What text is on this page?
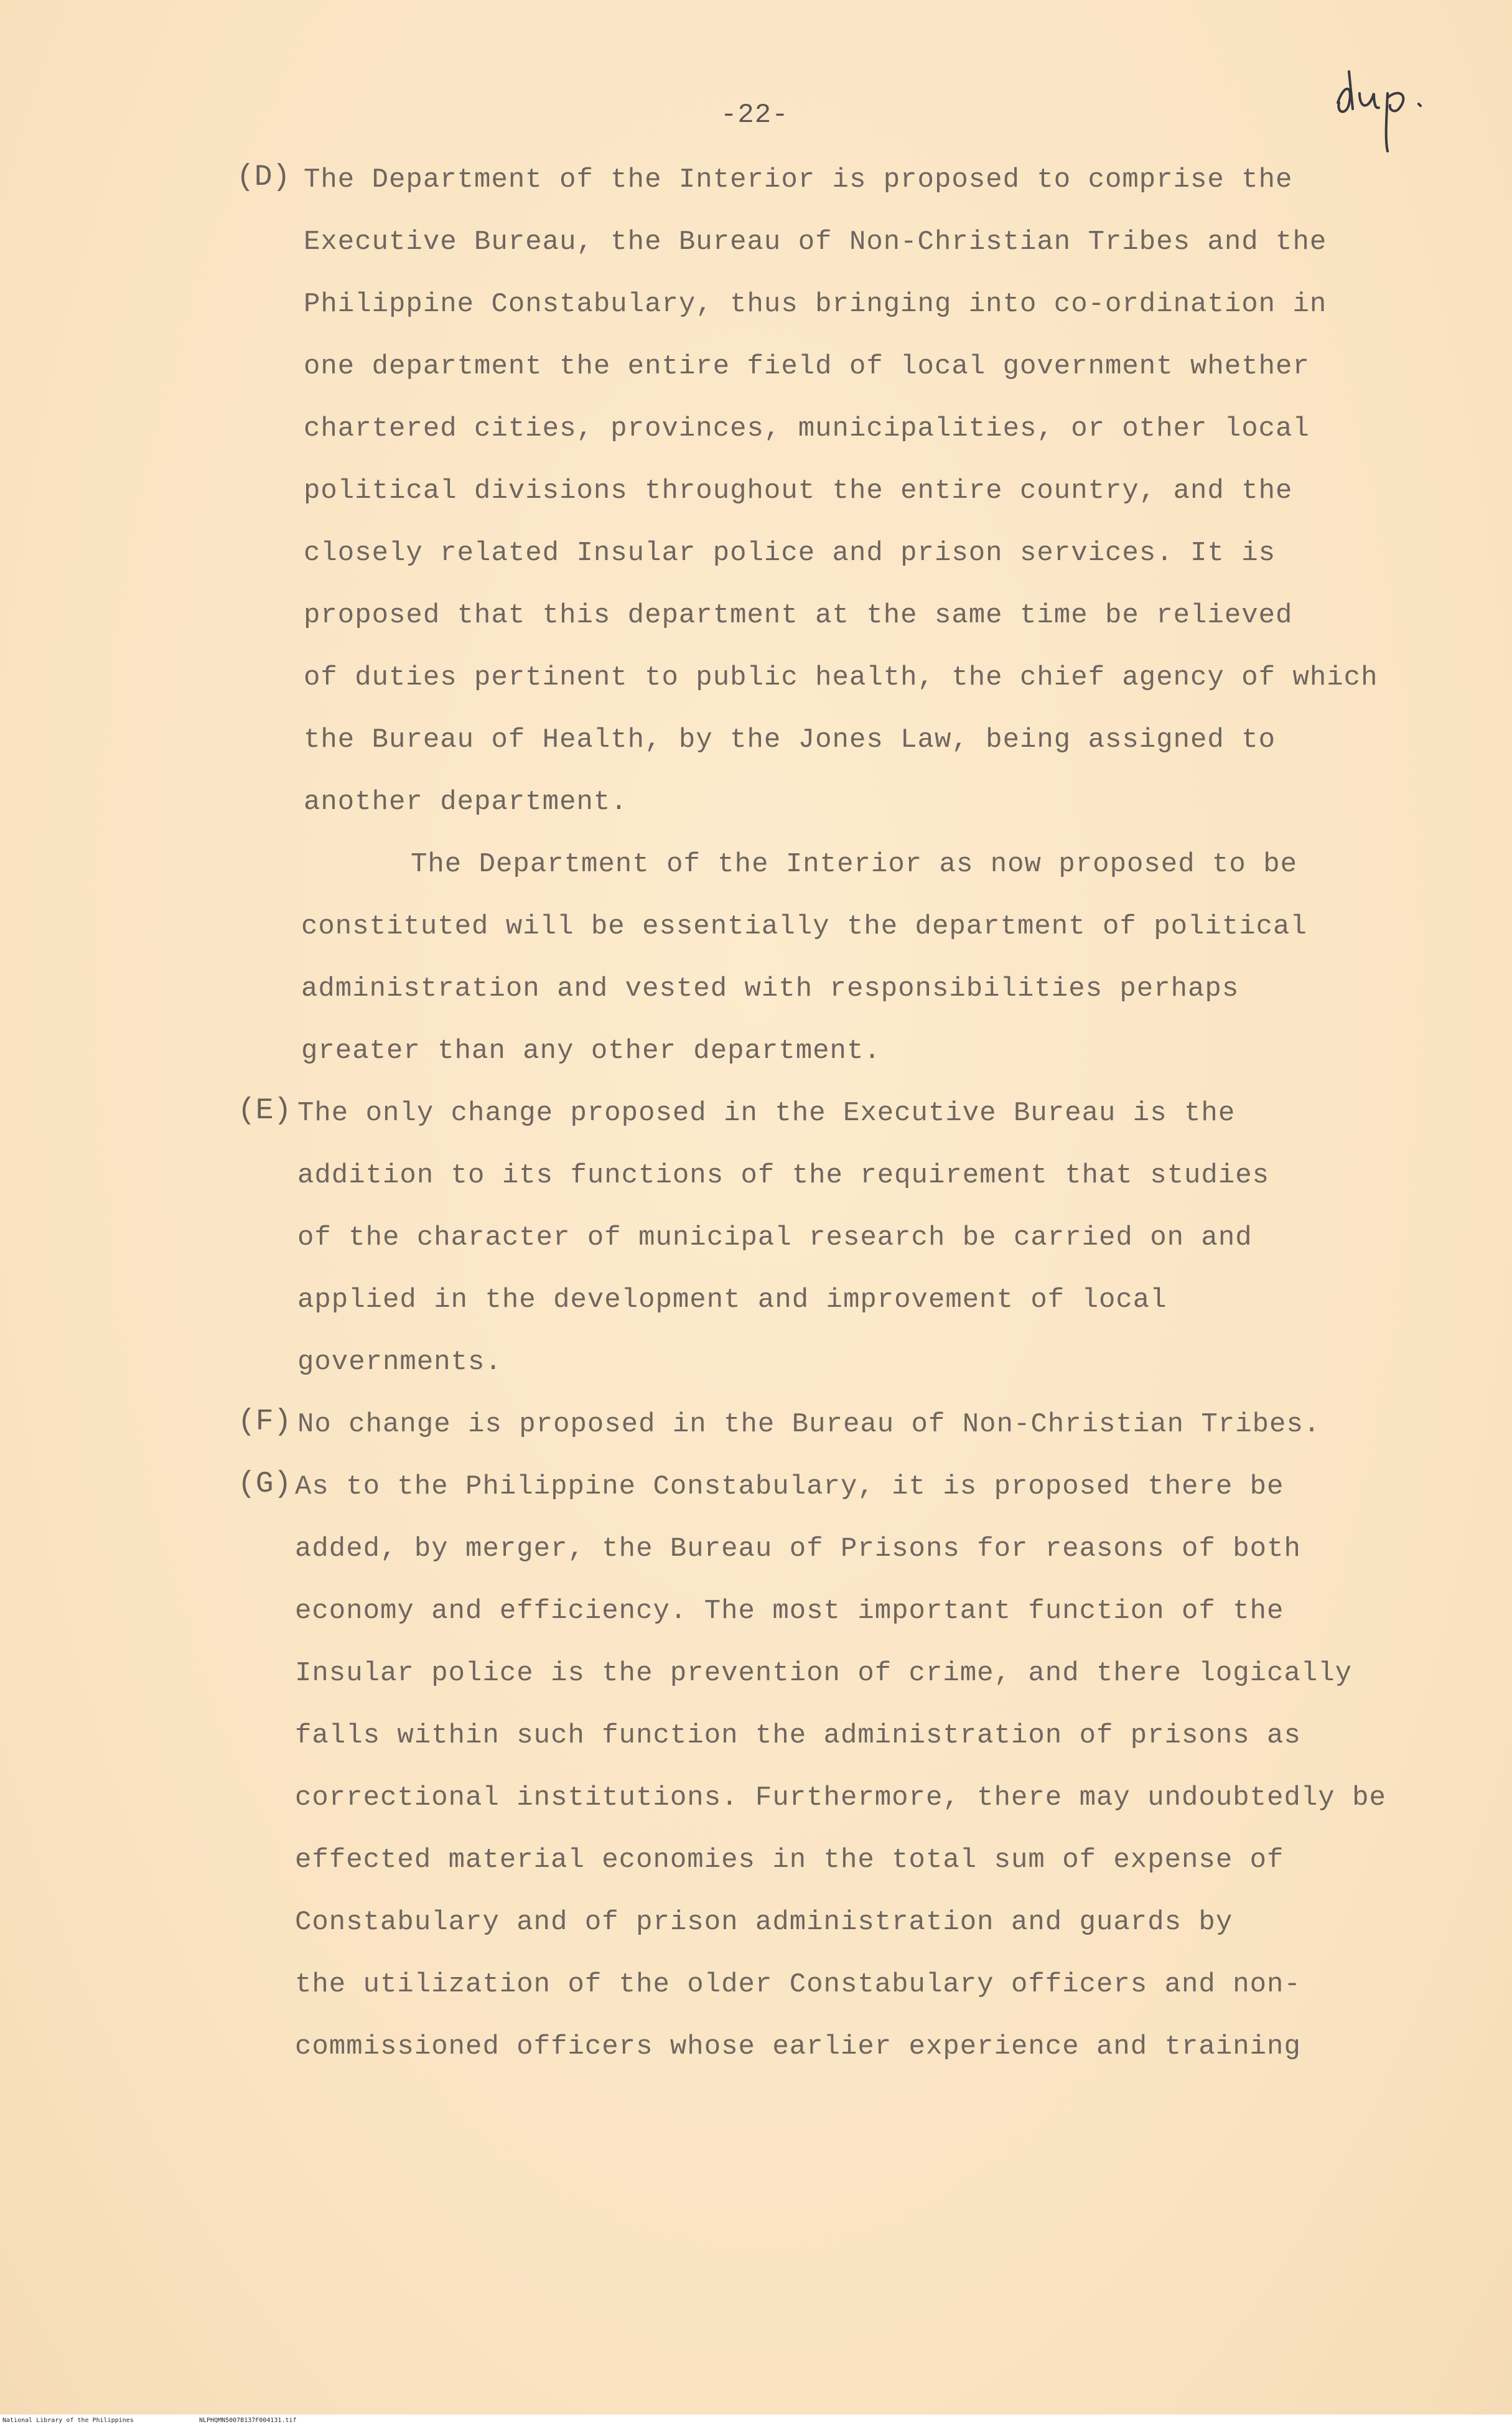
-22-
(D) The Department of the Interior is proposed to comprise the
Executive Bureau, the Bureau of Non-Christian Tribes and the
Philippine Constabulary, thus bringing into co-ordination in
one department the entire field of local government whether
chartered cities, provinces, municipalities, or other local
political divisions throughout the entire country, and the
closely related Insular police and prison services. It is
proposed that this department at the same time be relieved
of duties pertinent to public health, the chief agency of which
the Bureau of Health, by the Jones Law, being assigned to
another department.
The Department of the Interior as now proposed to be
constituted will be essentially the department of political
administration and vested with responsibilities perhaps
greater than any other department.
(E) The only change proposed in the Executive Bureau is the
addition to its functions of the requirement that studies
of the character of municipal research be carried on and
applied in the development and improvement of local
governments.
(F) No change is proposed in the Bureau of Non-Christian Tribes.
(G) As to the Philippine Constabulary, it is proposed there be
added, by merger, the Bureau of Prisons for reasons of both
economy and efficiency. The most important function of the
Insular police is the prevention of crime, and there logically
falls within such function the administration of prisons as
correctional institutions. Furthermore, there may undoubtedly be
effected material economies in the total sum of expense of
Constabulary and of prison administration and guards by
the utilization of the older Constabulary officers and non-
commissioned officers whose earlier experience and training
National Library of the Philippines	NLPHQMN5007B137F004131.tif
